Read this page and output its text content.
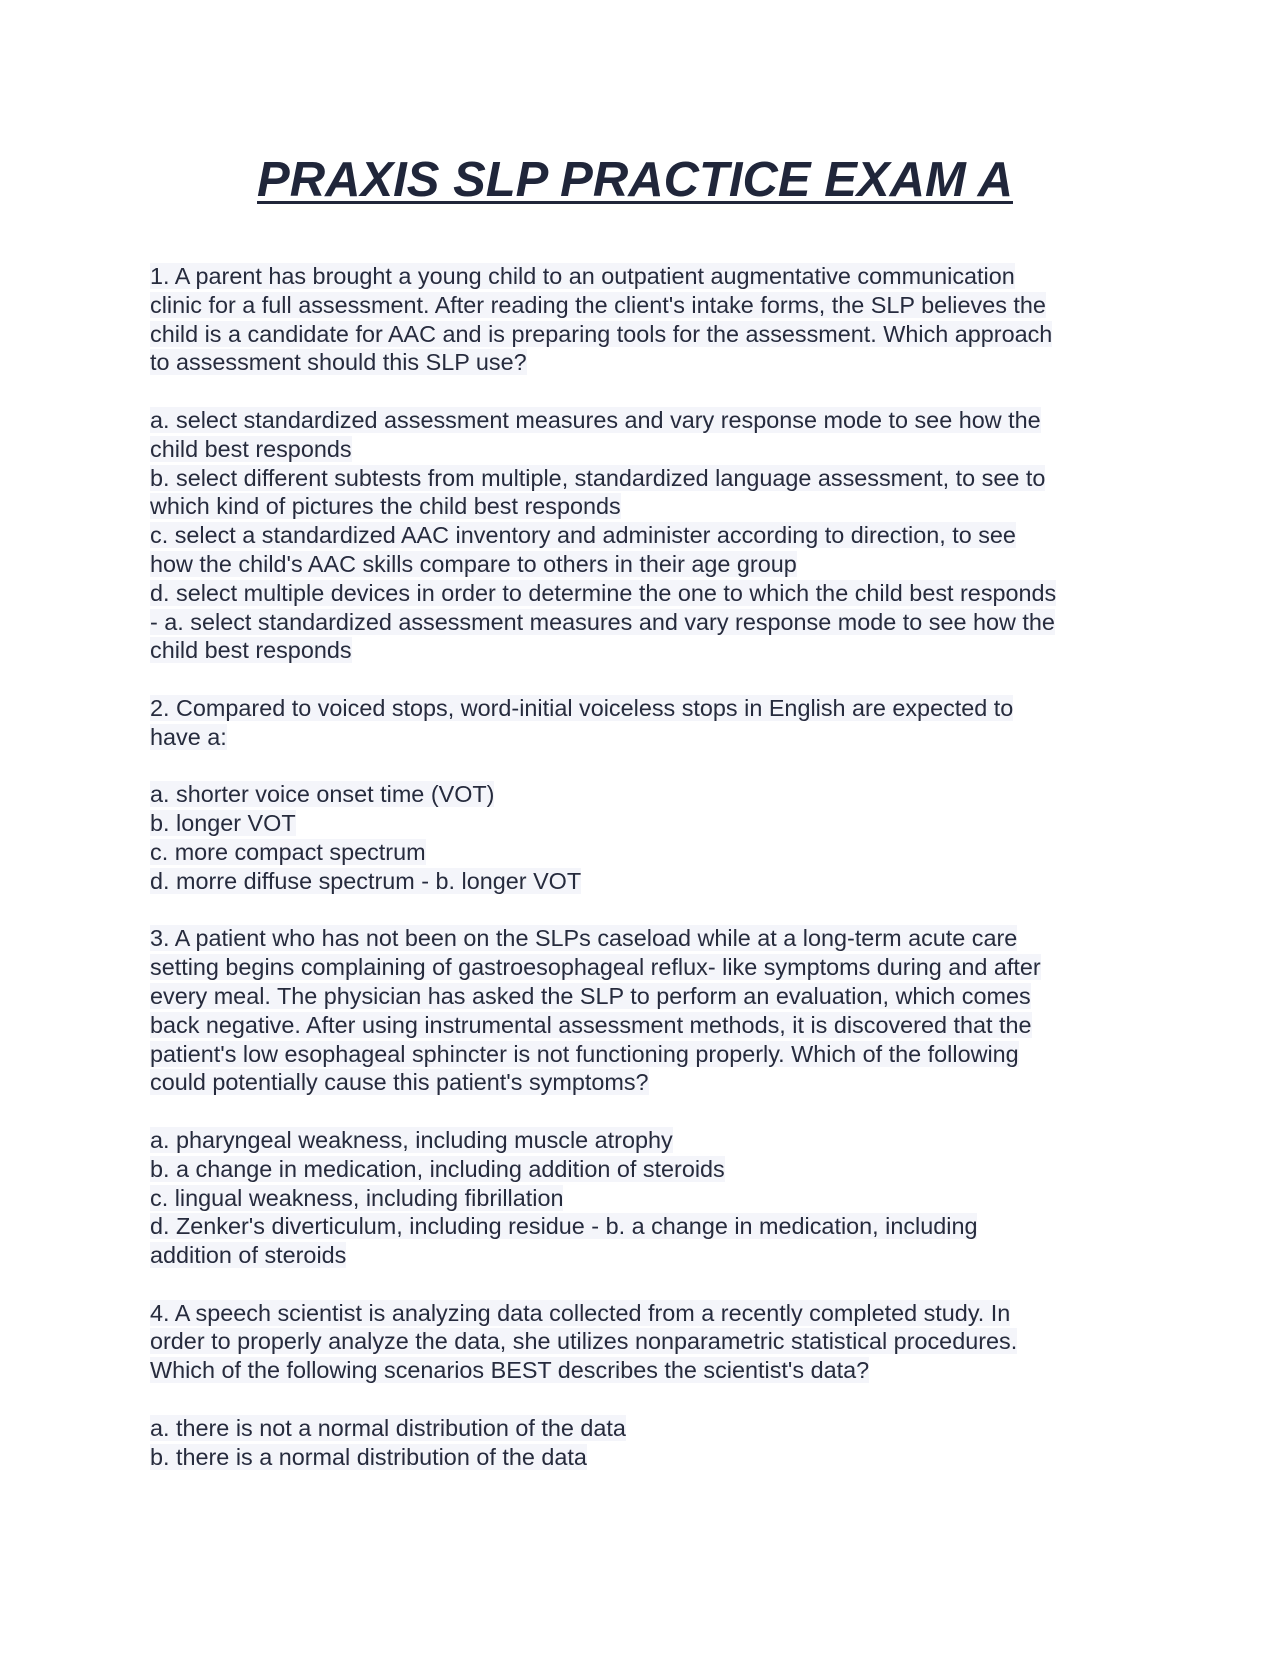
PRAXIS SLP PRACTICE EXAM A
1. A parent has brought a young child to an outpatient augmentative communication
clinic for a full assessment. After reading the client's intake forms, the SLP believes the
child is a candidate for AAC and is preparing tools for the assessment. Which approach
to assessment should this SLP use?
a. select standardized assessment measures and vary response mode to see how the
child best responds
b. select different subtests from multiple, standardized language assessment, to see to
which kind of pictures the child best responds
c. select a standardized AAC inventory and administer according to direction, to see
how the child's AAC skills compare to others in their age group
d. select multiple devices in order to determine the one to which the child best responds
- a. select standardized assessment measures and vary response mode to see how the
child best responds
2. Compared to voiced stops, word-initial voiceless stops in English are expected to
have a:
a. shorter voice onset time (VOT)
b. longer VOT
c. more compact spectrum
d. morre diffuse spectrum - b. longer VOT
3. A patient who has not been on the SLPs caseload while at a long-term acute care
setting begins complaining of gastroesophageal reflux- like symptoms during and after
every meal. The physician has asked the SLP to perform an evaluation, which comes
back negative. After using instrumental assessment methods, it is discovered that the
patient's low esophageal sphincter is not functioning properly. Which of the following
could potentially cause this patient's symptoms?
a. pharyngeal weakness, including muscle atrophy
b. a change in medication, including addition of steroids
c. lingual weakness, including fibrillation
d. Zenker's diverticulum, including residue - b. a change in medication, including
addition of steroids
4. A speech scientist is analyzing data collected from a recently completed study. In
order to properly analyze the data, she utilizes nonparametric statistical procedures.
Which of the following scenarios BEST describes the scientist's data?
a. there is not a normal distribution of the data
b. there is a normal distribution of the data
